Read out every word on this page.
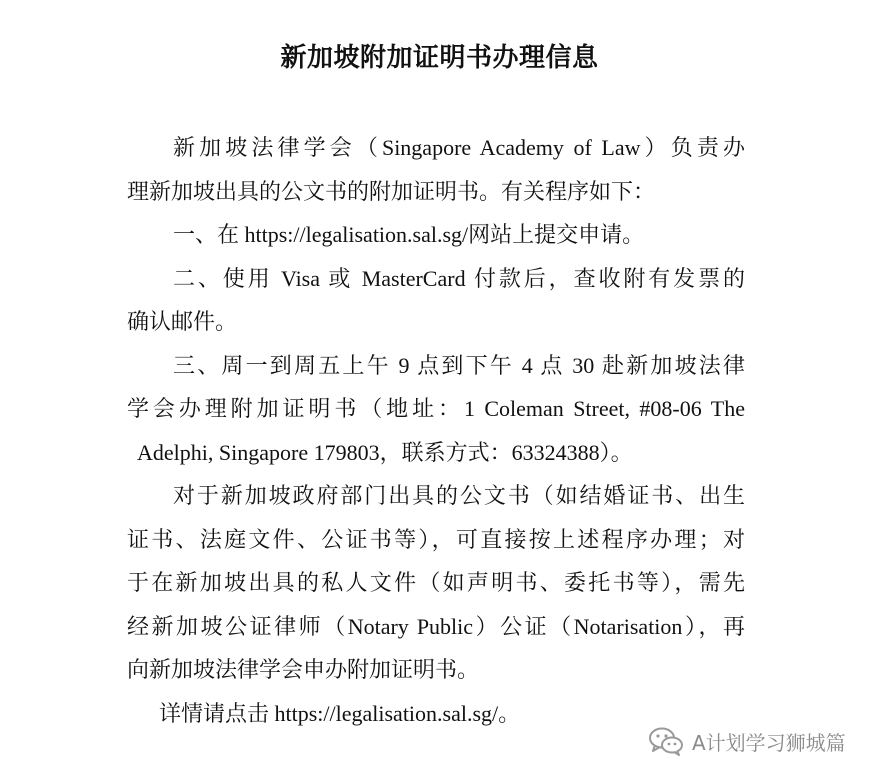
新加坡附加证明书办理信息
新加坡法律学会（Singapore Academy of Law）负责办
理新加坡出具的公文书的附加证明书。有关程序如下：
一、在 https://legalisation.sal.sg/网站上提交申请。
二、使用 Visa 或 MasterCard 付款后，查收附有发票的
确认邮件。
三、周一到周五上午 9 点到下午 4 点 30 赴新加坡法律
学会办理附加证明书（地址：1 Coleman Street, #08-06 The
Adelphi, Singapore 179803，联系方式：63324388）。
对于新加坡政府部门出具的公文书（如结婚证书、出生
证书、法庭文件、公证书等），可直接按上述程序办理；对
于在新加坡出具的私人文件（如声明书、委托书等），需先
经新加坡公证律师（Notary Public）公证（Notarisation），再
向新加坡法律学会申办附加证明书。
详情请点击 https://legalisation.sal.sg/。
A计划学习狮城篇
